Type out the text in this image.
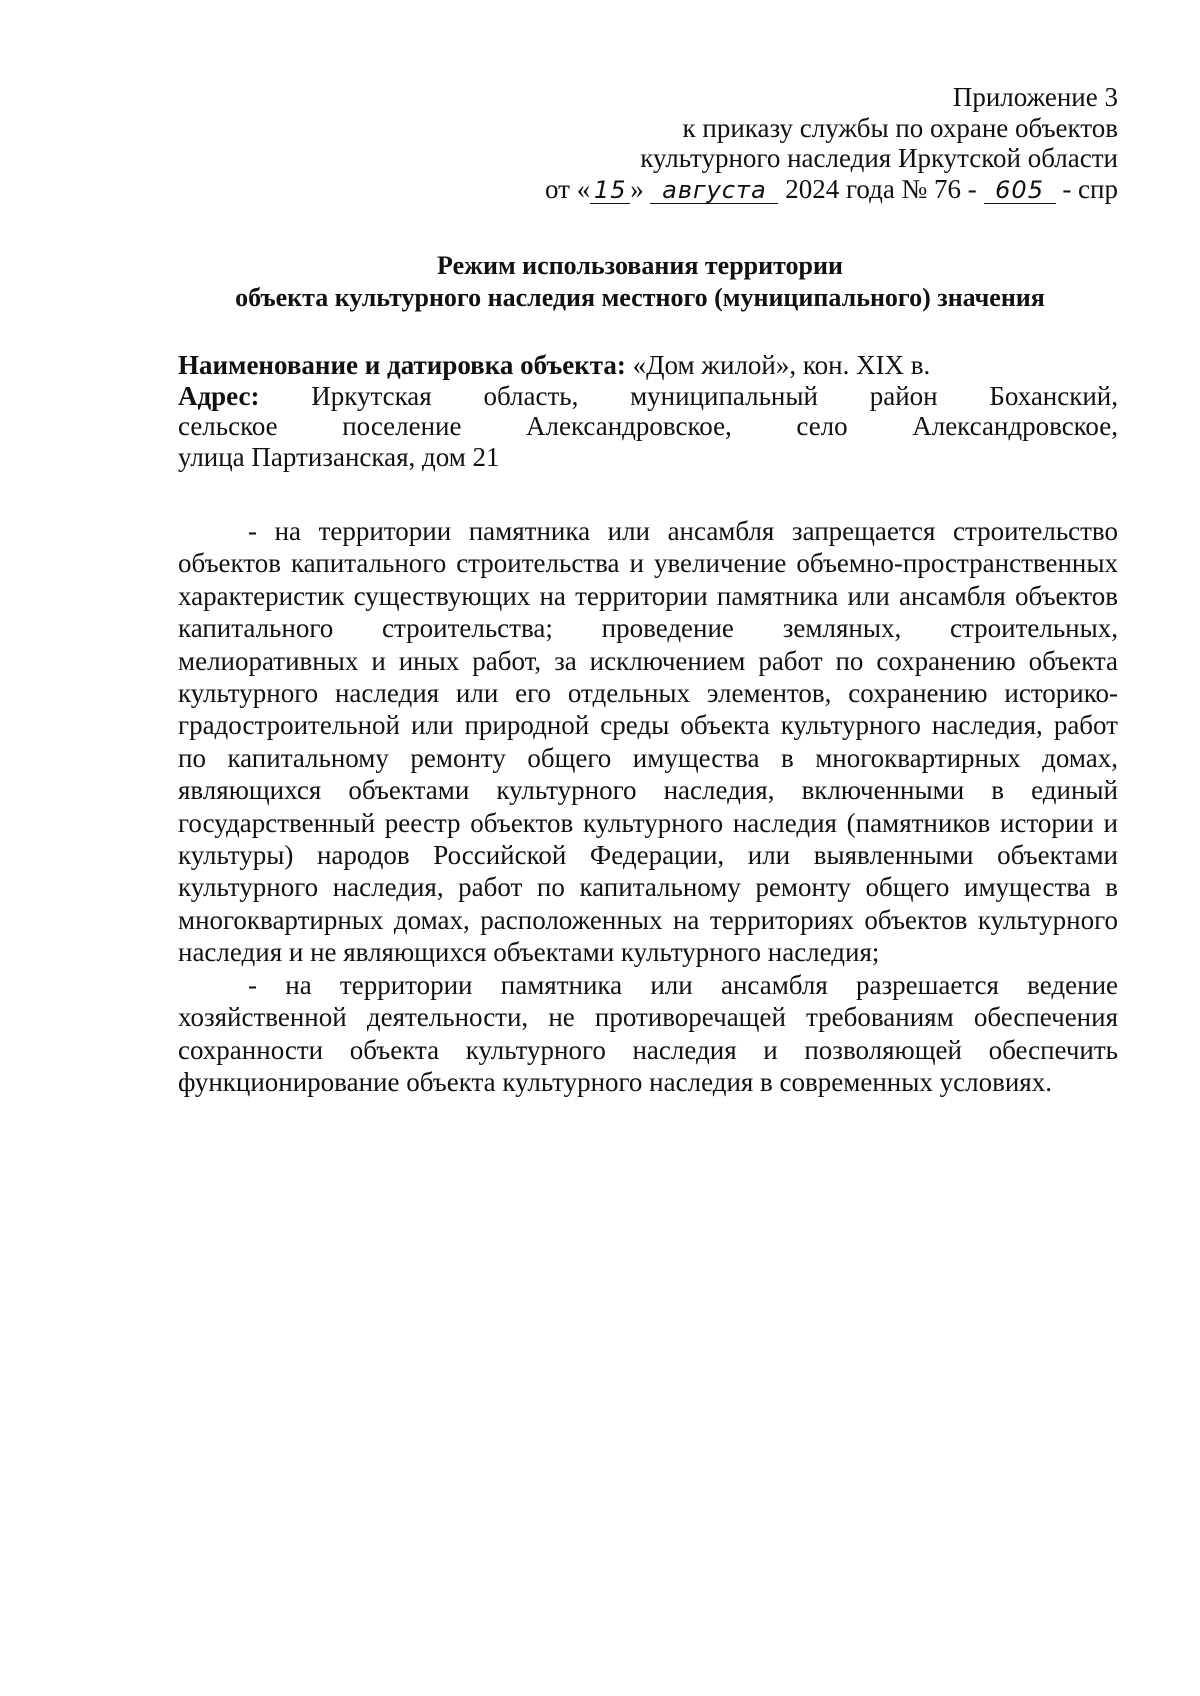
Приложение 3
к приказу службы по охране объектов
культурного наследия Иркутской области
от « 15 » августа 2024 года № 76 - 605 - спр
Режим использования территории
объекта культурного наследия местного (муниципального) значения

Наименование и датировка объекта: «Дом жилой», кон. XIX в.

Адрес: Иркутская область, муниципальный район Боханский,
сельское поселение Александровское, село Александровское,
улица Партизанская, дом 21

- на территории памятника или ансамбля запрещается строительство объектов капитального строительства и увеличение объемно-пространственных характеристик существующих на территории памятника или ансамбля объектов капитального строительства; проведение земляных, строительных, мелиоративных и иных работ, за исключением работ по сохранению объекта культурного наследия или его отдельных элементов, сохранению историко-градостроительной или природной среды объекта культурного наследия, работ по капитальному ремонту общего имущества в многоквартирных домах, являющихся объектами культурного наследия, включенными в единый государственный реестр объектов культурного наследия (памятников истории и культуры) народов Российской Федерации, или выявленными объектами культурного наследия, работ по капитальному ремонту общего имущества в многоквартирных домах, расположенных на территориях объектов культурного наследия и не являющихся объектами культурного наследия;

- на территории памятника или ансамбля разрешается ведение хозяйственной деятельности, не противоречащей требованиям обеспечения сохранности объекта культурного наследия и позволяющей обеспечить функционирование объекта культурного наследия в современных условиях.
